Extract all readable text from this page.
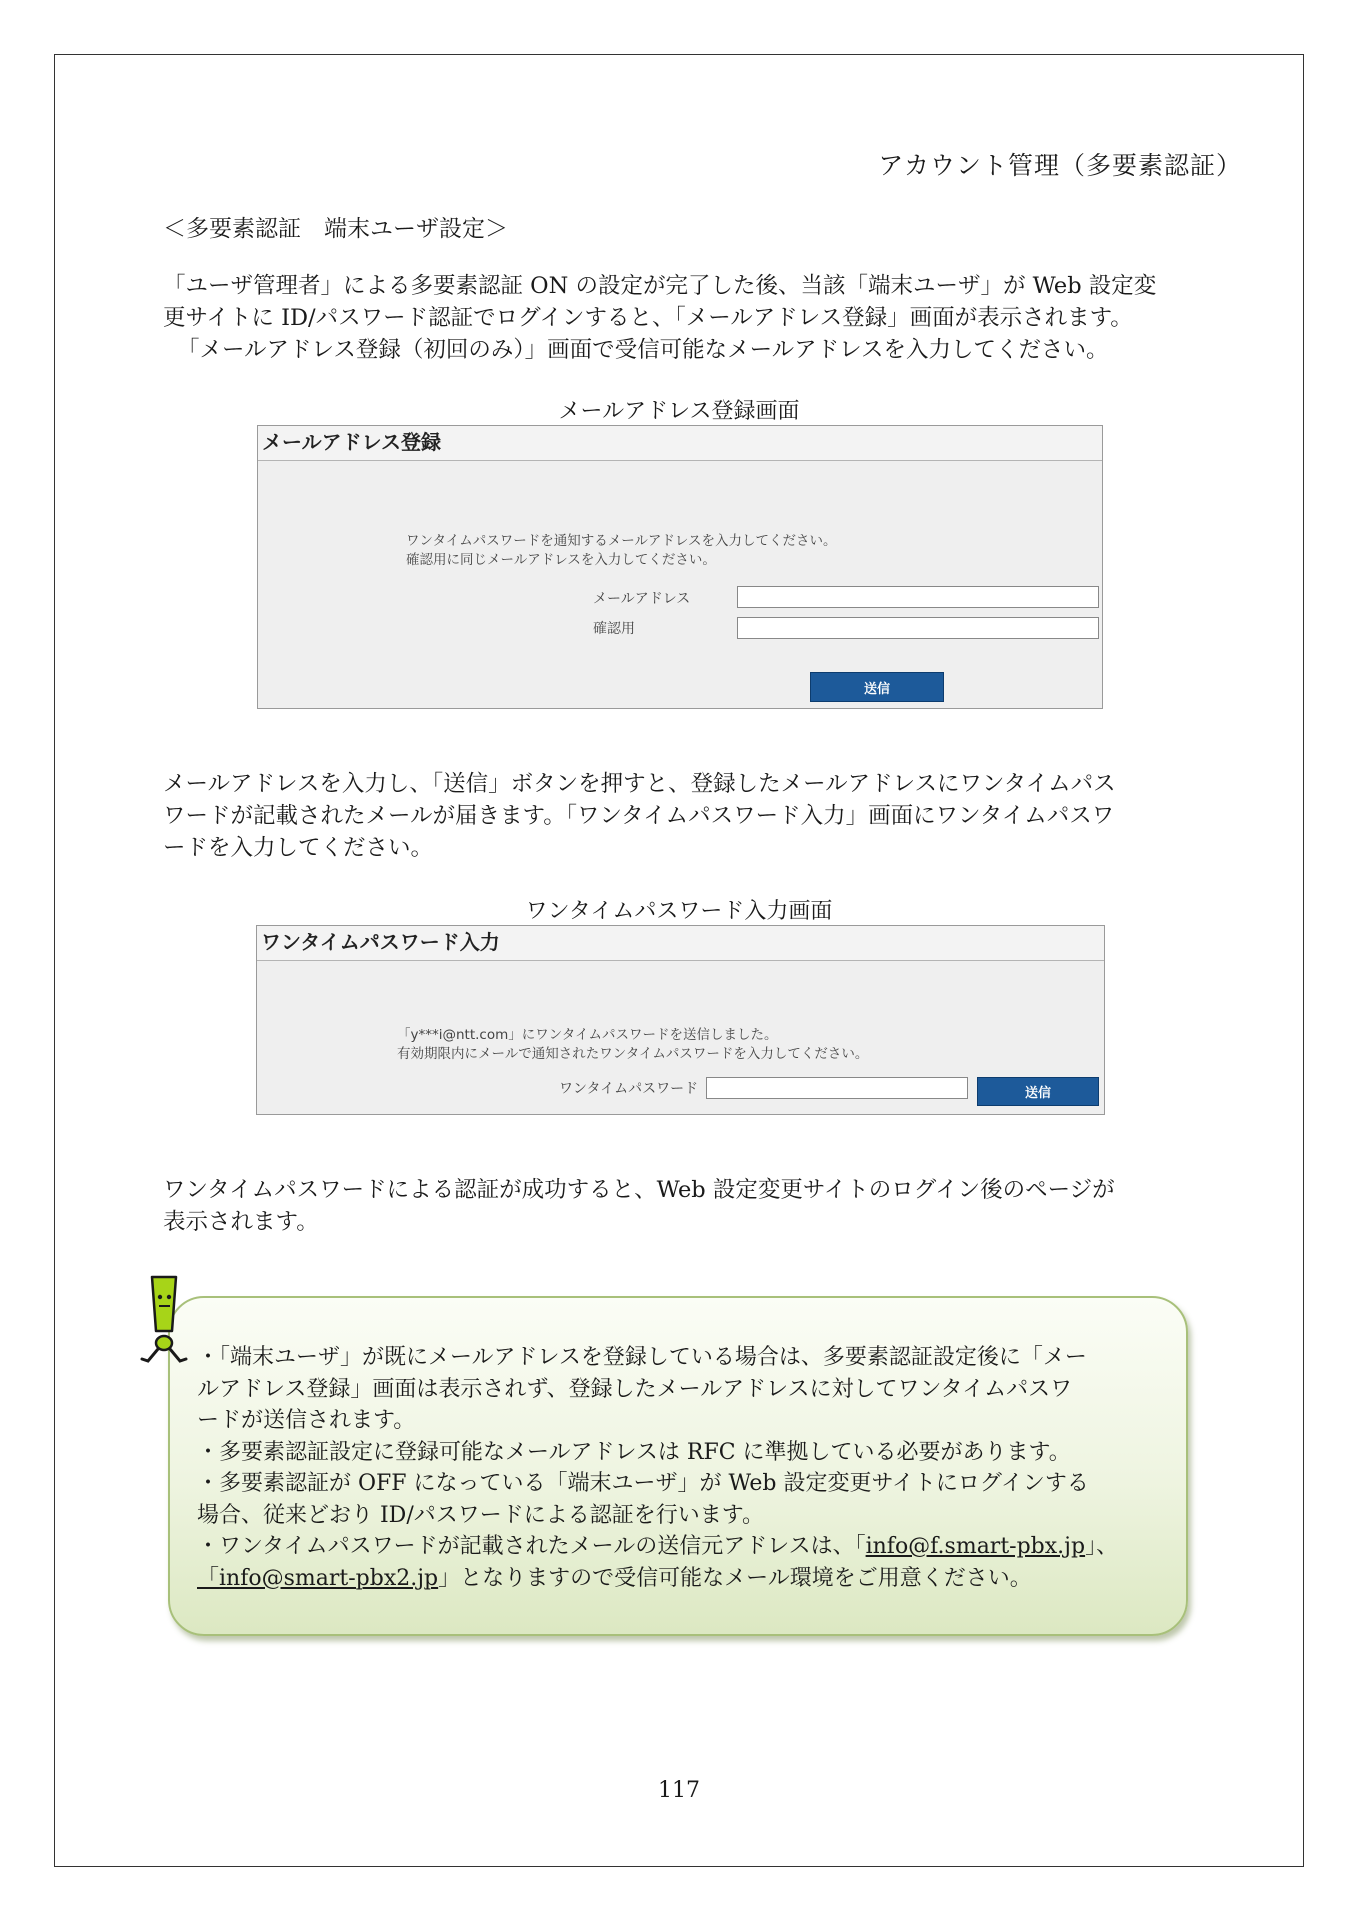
アカウント管理（多要素認証）
＜多要素認証　端末ユーザ設定＞

「ユーザ管理者」による多要素認証 ON の設定が完了した後、当該「端末ユーザ」が Web 設定変

更サイトに ID/パスワード認証でログインすると、「メールアドレス登録」画面が表示されます。

「メールアドレス登録（初回のみ）」画面で受信可能なメールアドレスを入力してください。

メールアドレス登録画面
メールアドレス登録
ワンタイムパスワードを通知するメールアドレスを入力してください。
確認用に同じメールアドレスを入力してください。
メールアドレス
確認用
送信

メールアドレスを入力し、「送信」ボタンを押すと、登録したメールアドレスにワンタイムパス

ワードが記載されたメールが届きます。「ワンタイムパスワード入力」画面にワンタイムパスワ

ードを入力してください。

ワンタイムパスワード入力画面
ワンタイムパスワード入力
「y***i@ntt.com」にワンタイムパスワードを送信しました。
有効期限内にメールで通知されたワンタイムパスワードを入力してください。
ワンタイムパスワード	送信

ワンタイムパスワードによる認証が成功すると、Web 設定変更サイトのログイン後のページが

表示されます。

・「端末ユーザ」が既にメールアドレスを登録している場合は、多要素認証設定後に「メー

ルアドレス登録」画面は表示されず、登録したメールアドレスに対してワンタイムパスワ

ードが送信されます。

・多要素認証設定に登録可能なメールアドレスは RFC に準拠している必要があります。

・多要素認証が OFF になっている「端末ユーザ」が Web 設定変更サイトにログインする

場合、従来どおり ID/パスワードによる認証を行います。

・ワンタイムパスワードが記載されたメールの送信元アドレスは、「info@f.smart-pbx.jp」、

「info@smart-pbx2.jp」となりますので受信可能なメール環境をご用意ください。

117
